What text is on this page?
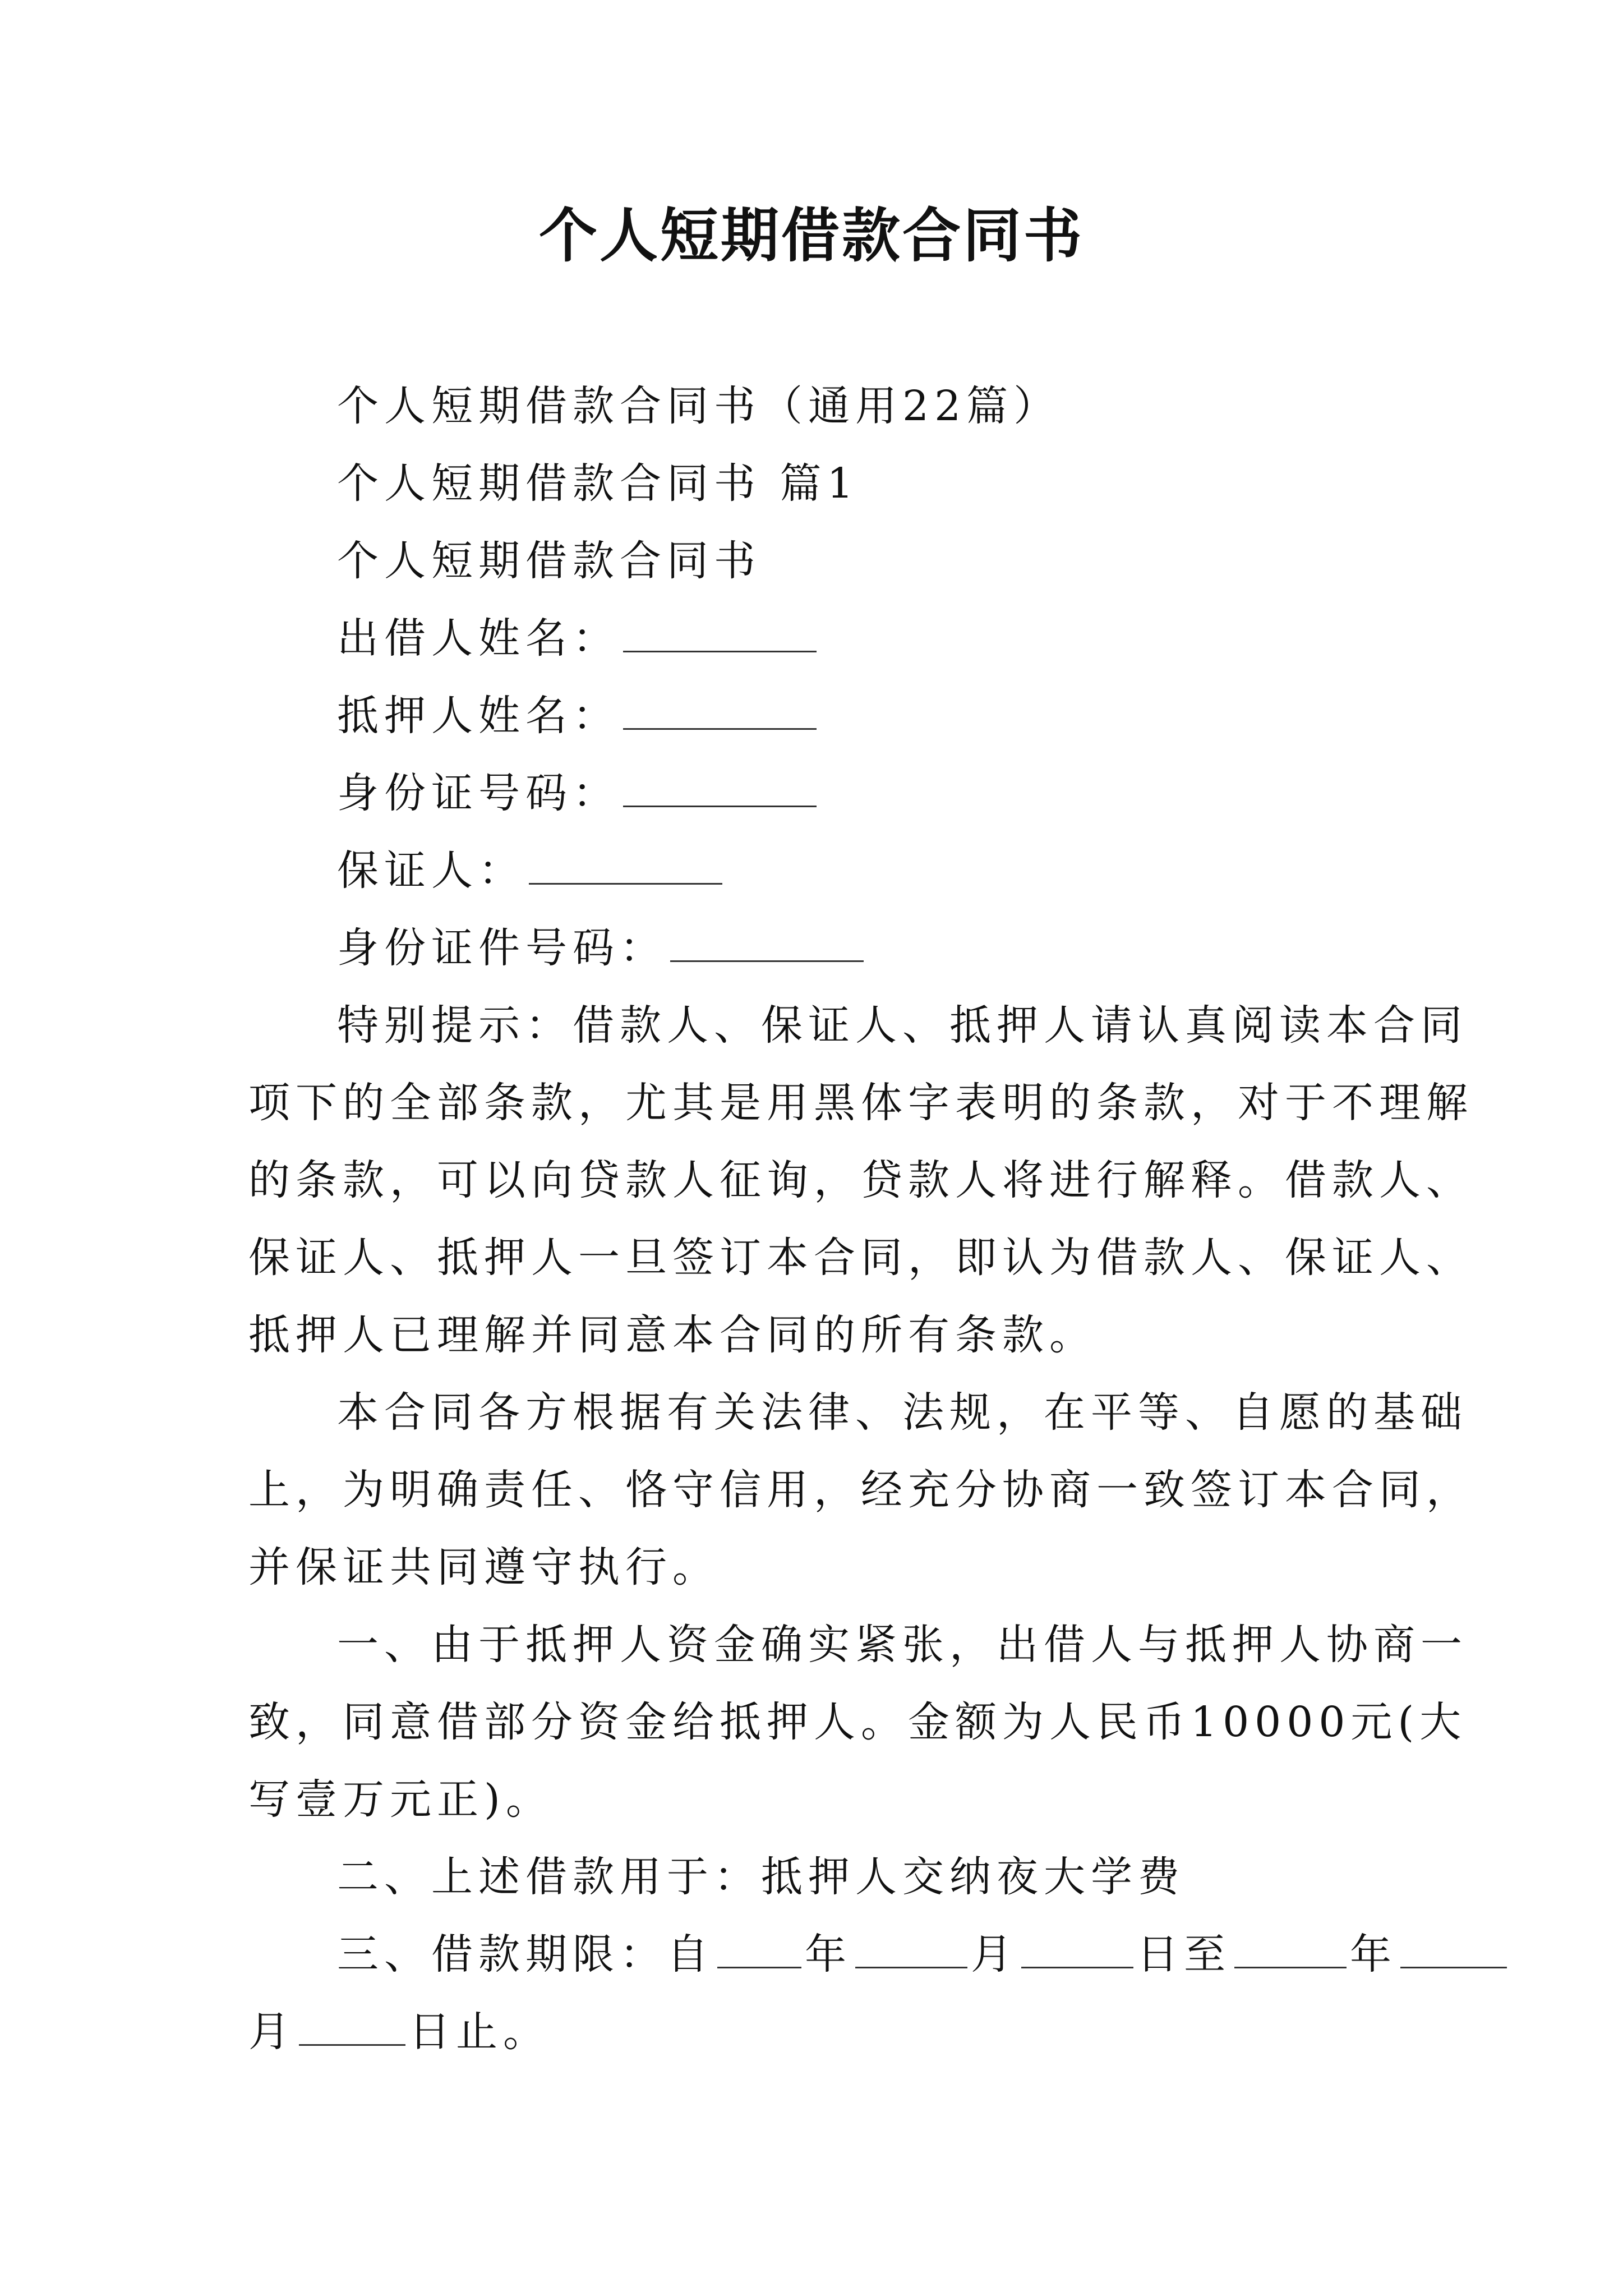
个人短期借款合同书
个人短期借款合同书（通用22篇）
个人短期借款合同书 篇1
个人短期借款合同书
出借人姓名：
抵押人姓名：
身份证号码：
保证人：
身份证件号码：
特别提示：借款人、保证人、抵押人请认真阅读本合同
项下的全部条款，尤其是用黑体字表明的条款，对于不理解
的条款，可以向贷款人征询，贷款人将进行解释。借款人、
保证人、抵押人一旦签订本合同，即认为借款人、保证人、
抵押人已理解并同意本合同的所有条款。
本合同各方根据有关法律、法规，在平等、自愿的基础
上，为明确责任、恪守信用，经充分协商一致签订本合同，
并保证共同遵守执行。
一、由于抵押人资金确实紧张，出借人与抵押人协商一
致，同意借部分资金给抵押人。金额为人民币10000元(大
写壹万元正)。
二、上述借款用于：抵押人交纳夜大学费
三、借款期限：自 年	月	日至	年
月	日止。
